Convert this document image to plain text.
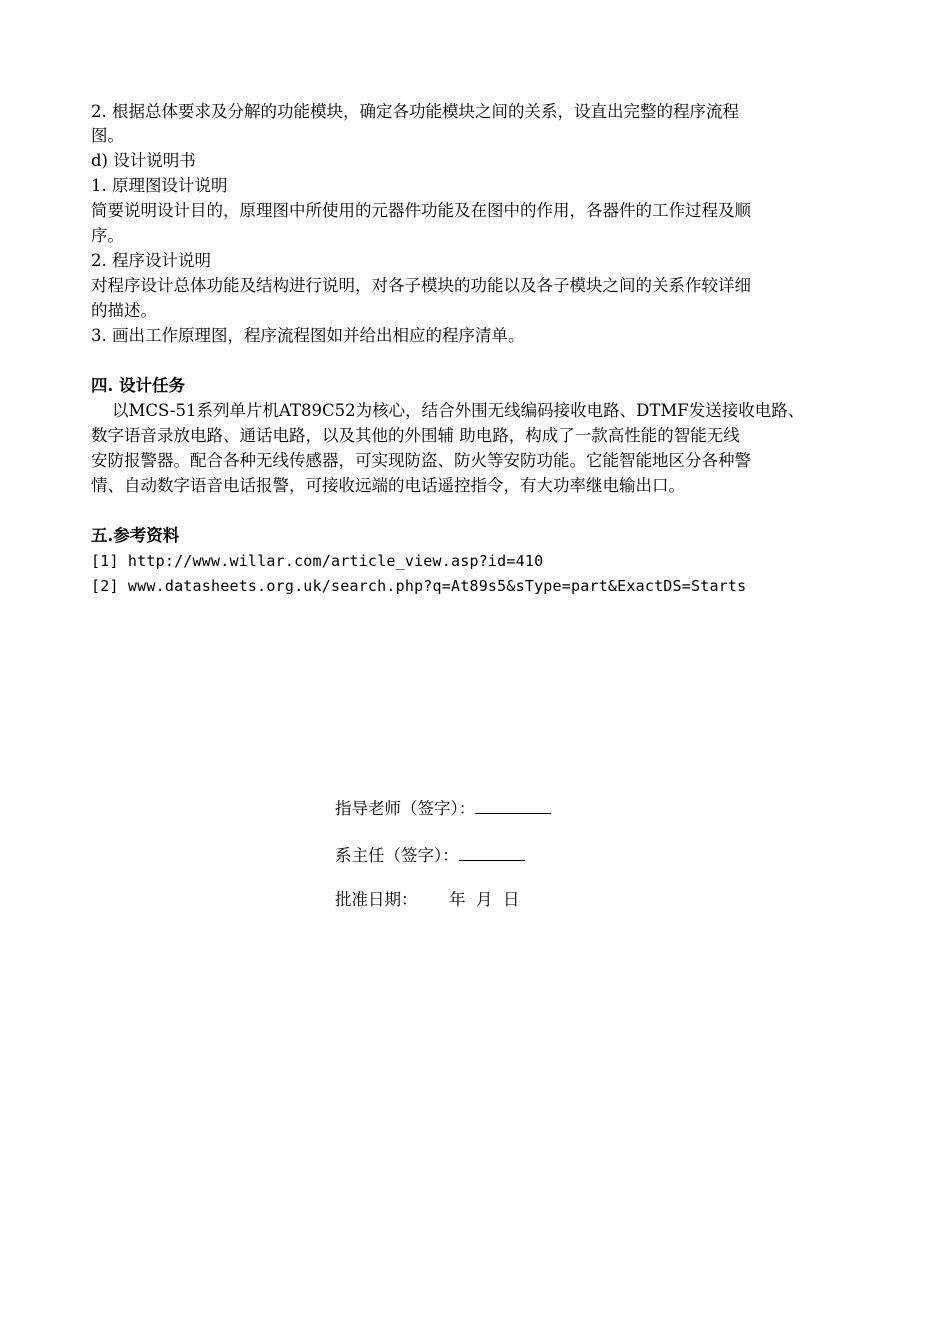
2. 根据总体要求及分解的功能模块，确定各功能模块之间的关系，设直出完整的程序流程
图。
d) 设计说明书
1. 原理图设计说明
简要说明设计目的，原理图中所使用的元器件功能及在图中的作用，各器件的工作过程及顺
序。
2. 程序设计说明
对程序设计总体功能及结构进行说明，对各子模块的功能以及各子模块之间的关系作较详细
的描述。
3. 画出工作原理图，程序流程图如并给出相应的程序清单。
四. 设计任务
以MCS-51系列单片机AT89C52为核心，结合外围无线编码接收电路、DTMF发送接收电路、
数字语音录放电路、通话电路，以及其他的外围辅 助电路，构成了一款高性能的智能无线
安防报警器。配合各种无线传感器，可实现防盗、防火等安防功能。它能智能地区分各种警
情、自动数字语音电话报警，可接收远端的电话遥控指令，有大功率继电输出口。
五.参考资料
[1] http://www.willar.com/article_view.asp?id=410
[2] www.datasheets.org.uk/search.php?q=At89s5&sType=part&ExactDS=Starts
指导老师（签字）：
系主任（签字）：
批准日期：      年  月  日
